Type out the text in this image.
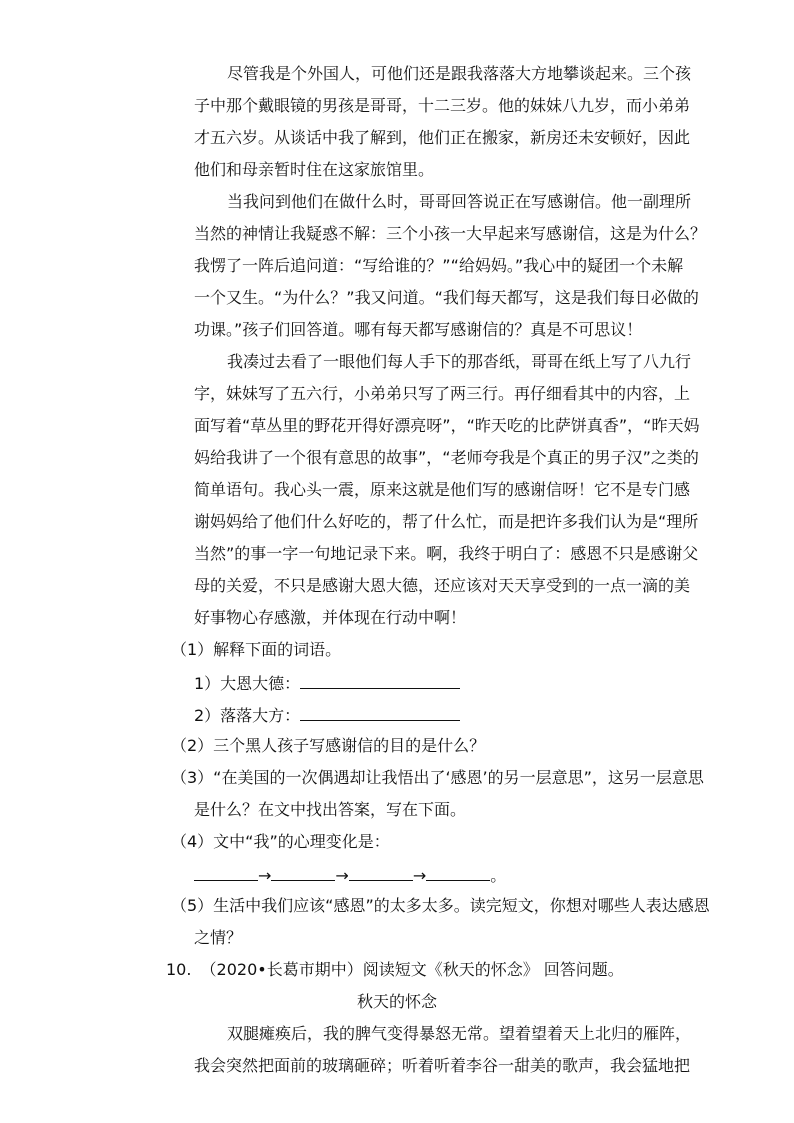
尽管我是个外国人，可他们还是跟我落落大方地攀谈起来。三个孩
子中那个戴眼镜的男孩是哥哥，十二三岁。他的妹妹八九岁，而小弟弟
才五六岁。从谈话中我了解到，他们正在搬家，新房还未安顿好，因此
他们和母亲暂时住在这家旅馆里。
当我问到他们在做什么时，哥哥回答说正在写感谢信。他一副理所
当然的神情让我疑惑不解：三个小孩一大早起来写感谢信，这是为什么？
我愣了一阵后追问道：“写给谁的？”“给妈妈。”我心中的疑团一个未解
一个又生。“为什么？”我又问道。“我们每天都写，这是我们每日必做的
功课。”孩子们回答道。哪有每天都写感谢信的？真是不可思议！
我凑过去看了一眼他们每人手下的那沓纸，哥哥在纸上写了八九行
字，妹妹写了五六行，小弟弟只写了两三行。再仔细看其中的内容，上
面写着“草丛里的野花开得好漂亮呀”，“昨天吃的比萨饼真香”，“昨天妈
妈给我讲了一个很有意思的故事”，“老师夸我是个真正的男子汉”之类的
简单语句。我心头一震，原来这就是他们写的感谢信呀！它不是专门感
谢妈妈给了他们什么好吃的，帮了什么忙，而是把许多我们认为是“理所
当然”的事一字一句地记录下来。啊，我终于明白了：感恩不只是感谢父
母的关爱，不只是感谢大恩大德，还应该对天天享受到的一点一滴的美
好事物心存感激，并体现在行动中啊！
（1）解释下面的词语。
1）大恩大德：
2）落落大方：
（2）三个黑人孩子写感谢信的目的是什么？
（3）“在美国的一次偶遇却让我悟出了‘感恩’的另一层意思”，这另一层意思
是什么？在文中找出答案，写在下面。
（4）文中“我”的心理变化是：
→	→	→	。
（5）生活中我们应该“感恩”的太多太多。读完短文，你想对哪些人表达感恩
之情？
10. （2020•长葛市期中）阅读短文《秋天的怀念》 回答问题。
秋天的怀念
双腿瘫痪后，我的脾气变得暴怒无常。望着望着天上北归的雁阵，
我会突然把面前的玻璃砸碎；听着听着李谷一甜美的歌声，我会猛地把
